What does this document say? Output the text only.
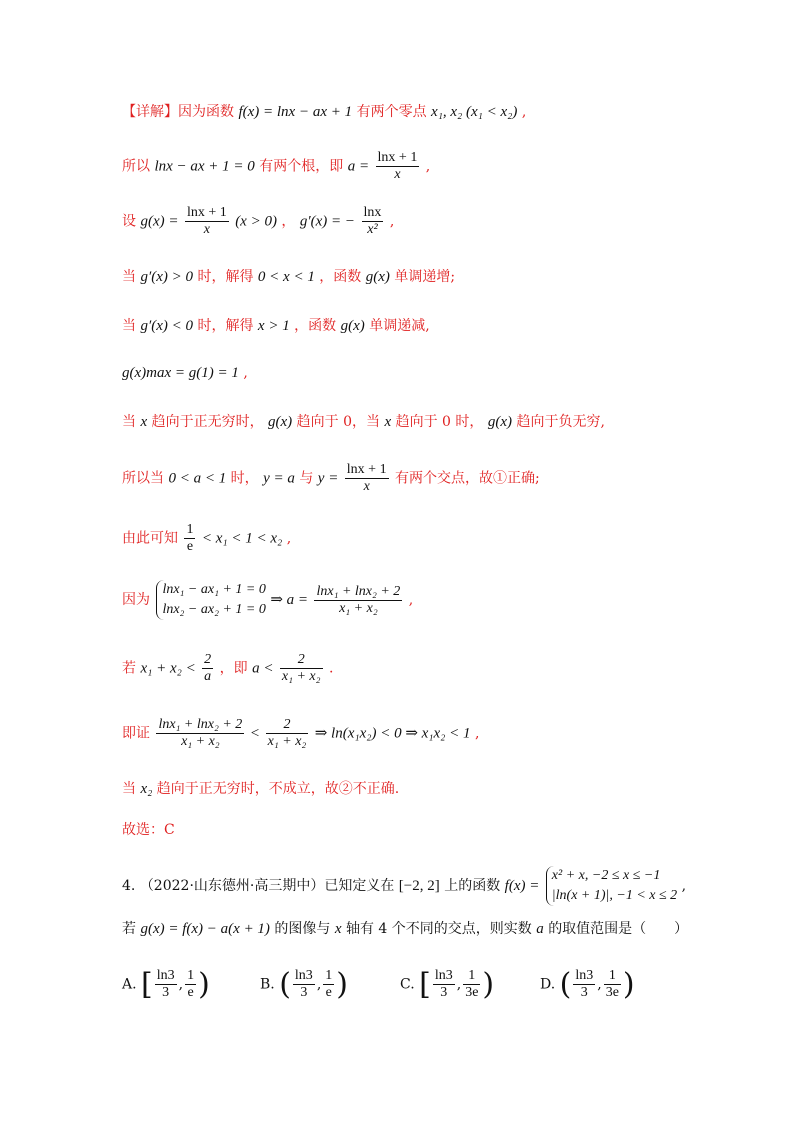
【详解】因为函数 f(x) = lnx − ax + 1 有两个零点 x₁, x₂ (x₁ < x₂) ,
所以 lnx − ax + 1 = 0 有两个根，即 $a = \frac{\ln x + 1}{x}$ ,
设 $g(x) = \frac{\ln x + 1}{x} (x > 0)$ ， g′(x) = − $\frac{\ln x}{\text{x²}}$ ,
当 g′(x) > 0 时，解得 0 < x < 1 ，函数 g(x) 单调递增;
当 g′(x) < 0 时，解得 x > 1 ，函数 g(x) 单调递减,
g(x)max = g(1) = 1 ,
当 x 趋向于正无穷时， g(x) 趋向于 0，当 x 趋向于 0 时， g(x) 趋向于负无穷,
所以当 0 < a < 1 时， y = a 与 $y = \frac{\ln x + 1}{x}$ 有两个交点，故①正确;
由此可知 $\frac{1}{e} < x_1 < 1 < x_2$ ,
因为
lnx₁ − ax₁ + 1 = 0
lnx₂ − ax₂ + 1 = 0
⇒ $a = \frac{\text{lnx₁ + lnx₂ + 2}}{\text{x₁ + x₂}}$ ,
若 $x_1 + x_2 < \frac{2}{a}$ ，即 $a < \frac{2}{\text{x₁ + x₂}}$ .
即证 $\frac{\text{lnx₁ + lnx₂ + 2}}{\text{x₁ + x₂}} < \frac{2}{\text{x₁ + x₂}}$ ⇒ ln(x₁x₂) < 0 ⇒ x₁x₂ < 1 ,
当 x₂ 趋向于正无穷时，不成立，故②不正确.
故选：C
4. （2022·山东德州·高三期中）已知定义在 [−2, 2] 上的函数 f(x) =
x² + x, −2 ≤ x ≤ −1
|ln(x + 1)|, −1 < x ≤ 2
,
若 g(x) = f(x) − a(x + 1) 的图像与 x 轴有 4 个不同的交点，则实数 a 的取值范围是（　　）
A. [ $\frac{\ln 3}{3}$ , $\frac{1}{e}$ )	B. ( $\frac{\ln 3}{3}$ , $\frac{1}{e}$ )	C. [ $\frac{\ln 3}{3}$ , $\frac{1}{3e}$ )	D. ( $\frac{\ln 3}{3}$ , $\frac{1}{3e}$ )
